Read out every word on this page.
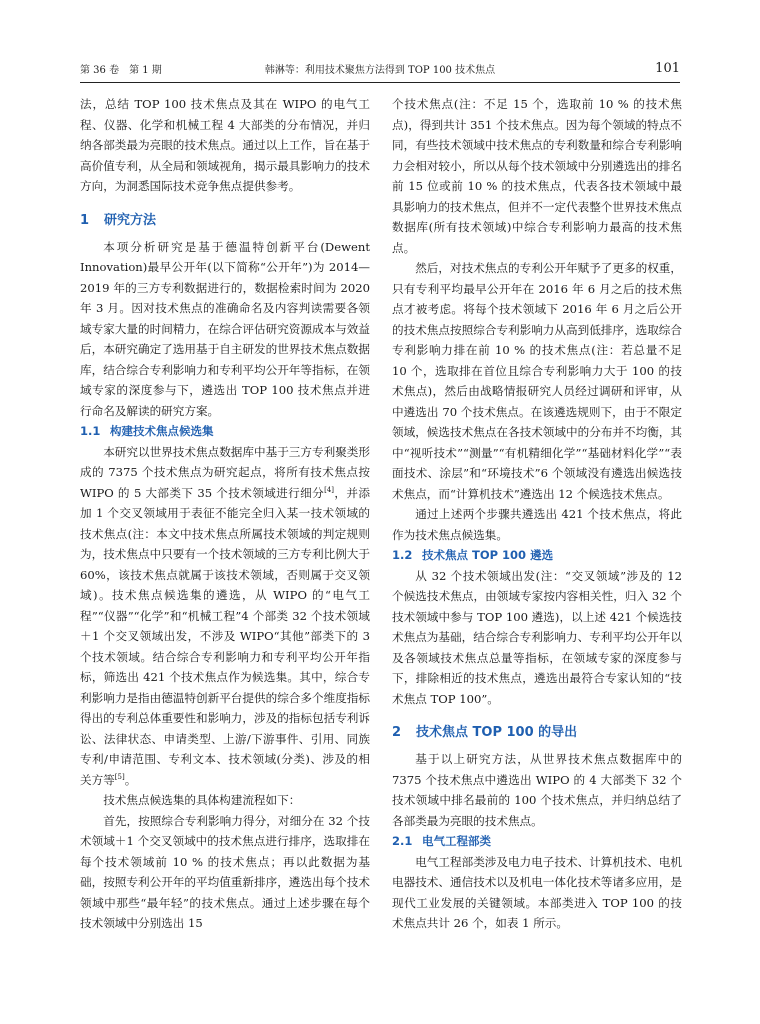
第 36 卷　第 1 期	韩淋等：利用技术聚焦方法得到 TOP 100 技术焦点	101

法，总结 TOP 100 技术焦点及其在 WIPO 的电气工程、仪器、化学和机械工程 4 大部类的分布情况，并归纳各部类最为亮眼的技术焦点。通过以上工作，旨在基于高价值专利，从全局和领域视角，揭示最具影响力的技术方向，为洞悉国际技术竞争焦点提供参考。

1 研究方法

本项分析研究是基于德温特创新平台(Dewent Innovation)最早公开年(以下简称“公开年”)为 2014—2019 年的三方专利数据进行的，数据检索时间为 2020 年 3 月。因对技术焦点的准确命名及内容判读需要各领域专家大量的时间精力，在综合评估研究资源成本与效益后，本研究确定了选用基于自主研发的世界技术焦点数据库，结合综合专利影响力和专利平均公开年等指标，在领域专家的深度参与下，遴选出 TOP 100 技术焦点并进行命名及解读的研究方案。

1.1 构建技术焦点候选集

本研究以世界技术焦点数据库中基于三方专利聚类形成的 7375 个技术焦点为研究起点，将所有技术焦点按 WIPO 的 5 大部类下 35 个技术领域进行细分[4]，并添加 1 个交叉领域用于表征不能完全归入某一技术领域的技术焦点(注：本文中技术焦点所属技术领域的判定规则为，技术焦点中只要有一个技术领域的三方专利比例大于 60%，该技术焦点就属于该技术领域，否则属于交叉领域)。技术焦点候选集的遴选，从 WIPO 的“电气工程”“仪器”“化学”和“机械工程”4 个部类 32 个技术领域＋1 个交叉领域出发，不涉及 WIPO“其他”部类下的 3 个技术领域。结合综合专利影响力和专利平均公开年指标，筛选出 421 个技术焦点作为候选集。其中，综合专利影响力是指由德温特创新平台提供的综合多个维度指标得出的专利总体重要性和影响力，涉及的指标包括专利诉讼、法律状态、申请类型、上游/下游事件、引用、同族专利/申请范围、专利文本、技术领域(分类)、涉及的相关方等[5]。

技术焦点候选集的具体构建流程如下：

首先，按照综合专利影响力得分，对细分在 32 个技术领域＋1 个交叉领域中的技术焦点进行排序，选取排在每个技术领域前 10 % 的技术焦点；再以此数据为基础，按照专利公开年的平均值重新排序，遴选出每个技术领域中那些“最年轻”的技术焦点。通过上述步骤在每个技术领域中分别选出 15

个技术焦点(注：不足 15 个，选取前 10 % 的技术焦点)，得到共计 351 个技术焦点。因为每个领域的特点不同，有些技术领域中技术焦点的专利数量和综合专利影响力会相对较小，所以从每个技术领域中分别遴选出的排名前 15 位或前 10 % 的技术焦点，代表各技术领域中最具影响力的技术焦点，但并不一定代表整个世界技术焦点数据库(所有技术领域)中综合专利影响力最高的技术焦点。

然后，对技术焦点的专利公开年赋予了更多的权重，只有专利平均最早公开年在 2016 年 6 月之后的技术焦点才被考虑。将每个技术领域下 2016 年 6 月之后公开的技术焦点按照综合专利影响力从高到低排序，选取综合专利影响力排在前 10 % 的技术焦点(注：若总量不足 10 个，选取排在首位且综合专利影响力大于 100 的技术焦点)，然后由战略情报研究人员经过调研和评审，从中遴选出 70 个技术焦点。在该遴选规则下，由于不限定领域，候选技术焦点在各技术领域中的分布并不均衡，其中“视听技术”“测量”“有机精细化学”“基础材料化学”“表面技术、涂层”和“环境技术”6 个领域没有遴选出候选技术焦点，而“计算机技术”遴选出 12 个候选技术焦点。

通过上述两个步骤共遴选出 421 个技术焦点，将此作为技术焦点候选集。

1.2 技术焦点 TOP 100 遴选

从 32 个技术领域出发(注：“交叉领域”涉及的 12 个候选技术焦点，由领域专家按内容相关性，归入 32 个技术领域中参与 TOP 100 遴选)，以上述 421 个候选技术焦点为基础，结合综合专利影响力、专利平均公开年以及各领域技术焦点总量等指标，在领域专家的深度参与下，排除相近的技术焦点，遴选出最符合专家认知的“技术焦点 TOP 100”。

2 技术焦点 TOP 100 的导出

基于以上研究方法，从世界技术焦点数据库中的 7375 个技术焦点中遴选出 WIPO 的 4 大部类下 32 个技术领域中排名最前的 100 个技术焦点，并归纳总结了各部类最为亮眼的技术焦点。

2.1 电气工程部类

电气工程部类涉及电力电子技术、计算机技术、电机电器技术、通信技术以及机电一体化技术等诸多应用，是现代工业发展的关键领域。本部类进入 TOP 100 的技术焦点共计 26 个，如表 1 所示。
